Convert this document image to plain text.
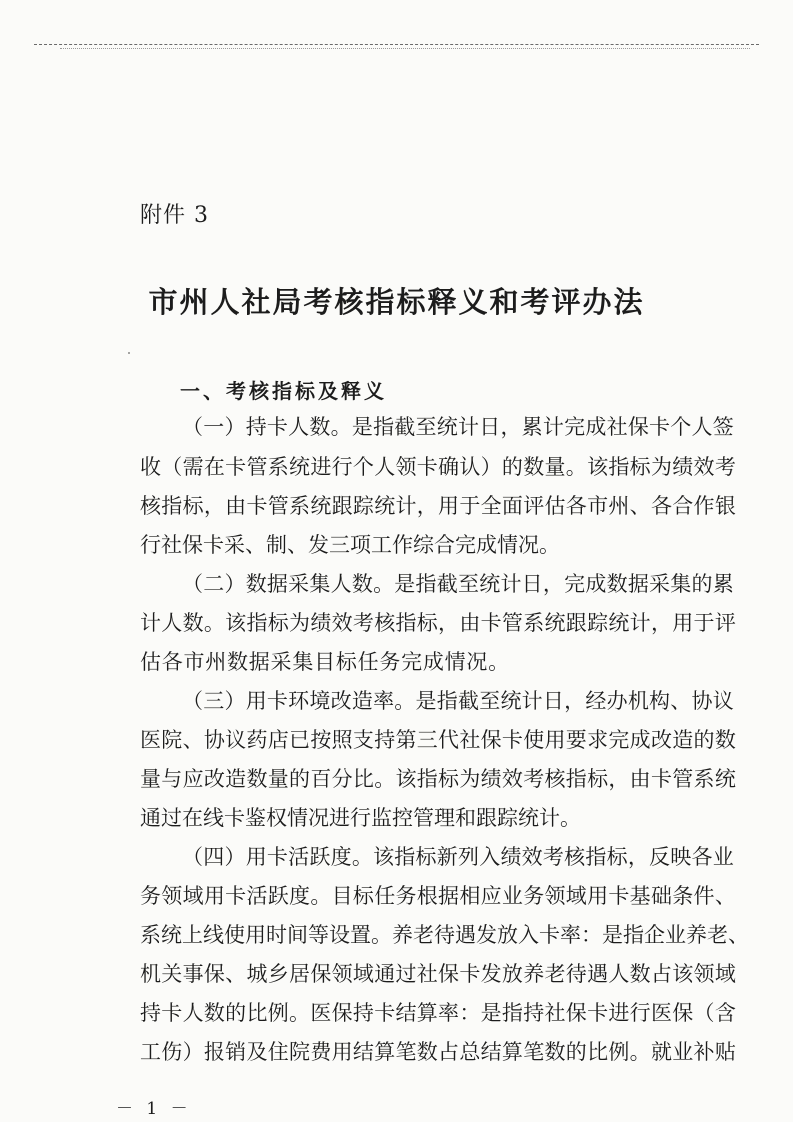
附件 3
市州人社局考核指标释义和考评办法
一、考核指标及释义
（一）持卡人数。是指截至统计日，累计完成社保卡个人签
收（需在卡管系统进行个人领卡确认）的数量。该指标为绩效考
核指标，由卡管系统跟踪统计，用于全面评估各市州、各合作银
行社保卡采、制、发三项工作综合完成情况。
（二）数据采集人数。是指截至统计日，完成数据采集的累
计人数。该指标为绩效考核指标，由卡管系统跟踪统计，用于评
估各市州数据采集目标任务完成情况。
（三）用卡环境改造率。是指截至统计日，经办机构、协议
医院、协议药店已按照支持第三代社保卡使用要求完成改造的数
量与应改造数量的百分比。该指标为绩效考核指标，由卡管系统
通过在线卡鉴权情况进行监控管理和跟踪统计。
（四）用卡活跃度。该指标新列入绩效考核指标，反映各业
务领域用卡活跃度。目标任务根据相应业务领域用卡基础条件、
系统上线使用时间等设置。养老待遇发放入卡率：是指企业养老、
机关事保、城乡居保领域通过社保卡发放养老待遇人数占该领域
持卡人数的比例。医保持卡结算率：是指持社保卡进行医保（含
工伤）报销及住院费用结算笔数占总结算笔数的比例。就业补贴
－ 1 －
